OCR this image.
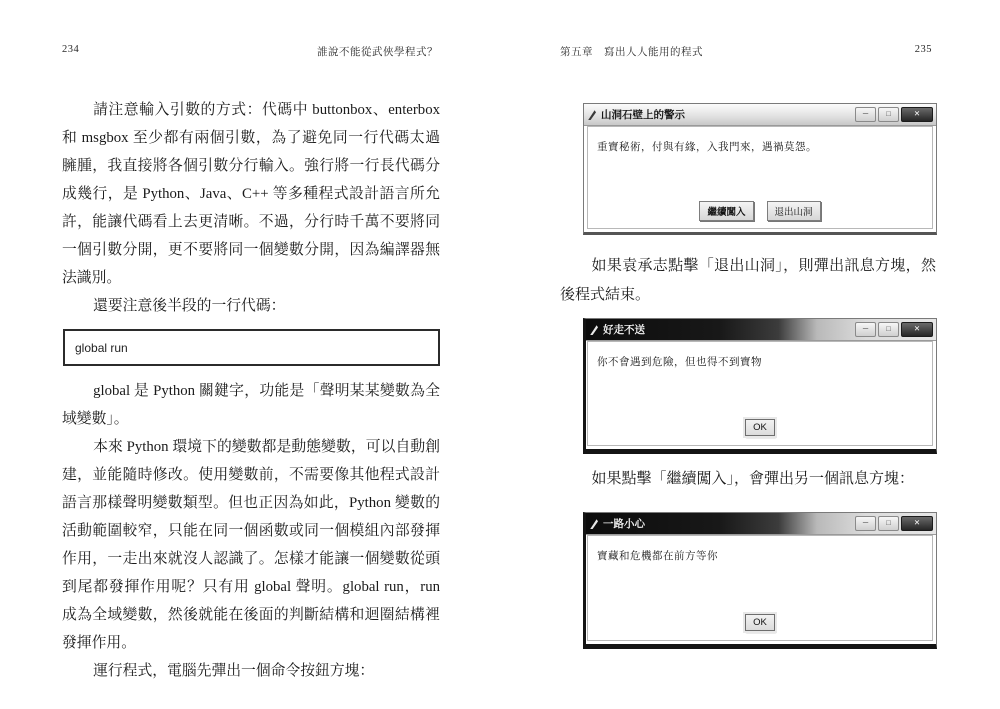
234	誰說不能從武俠學程式？

請注意輸入引數的方式：代碼中 buttonbox、enterbox 和 msgbox 至少都有兩個引數，為了避免同一行代碼太過臃腫，我直接將各個引數分行輸入。強行將一行長代碼分成幾行，是 Python、Java、C++ 等多種程式設計語言所允許，能讓代碼看上去更清晰。不過，分行時千萬不要將同一個引數分開，更不要將同一個變數分開，因為編譯器無法識別。

還要注意後半段的一行代碼：

global run

global 是 Python 關鍵字，功能是「聲明某某變數為全域變數」。

本來 Python 環境下的變數都是動態變數，可以自動創建，並能隨時修改。使用變數前，不需要像其他程式設計語言那樣聲明變數類型。但也正因為如此，Python 變數的活動範圍較窄，只能在同一個函數或同一個模組內部發揮作用，一走出來就沒人認識了。怎樣才能讓一個變數從頭到尾都發揮作用呢？只有用 global 聲明。global run，run 成為全域變數，然後就能在後面的判斷結構和迴圈結構裡發揮作用。

運行程式，電腦先彈出一個命令按鈕方塊：

第五章　寫出人人能用的程式	235
山洞石壁上的警示	─	□	✕
重寶秘術，付與有緣，入我門來，遇禍莫怨。
繼續闖入	退出山洞

如果袁承志點擊「退出山洞」，則彈出訊息方塊，然後程式結束。

好走不送	─	□	✕
你不會遇到危險，但也得不到寶物
OK

如果點擊「繼續闖入」，會彈出另一個訊息方塊：

一路小心	─	□	✕
寶藏和危機都在前方等你
OK
